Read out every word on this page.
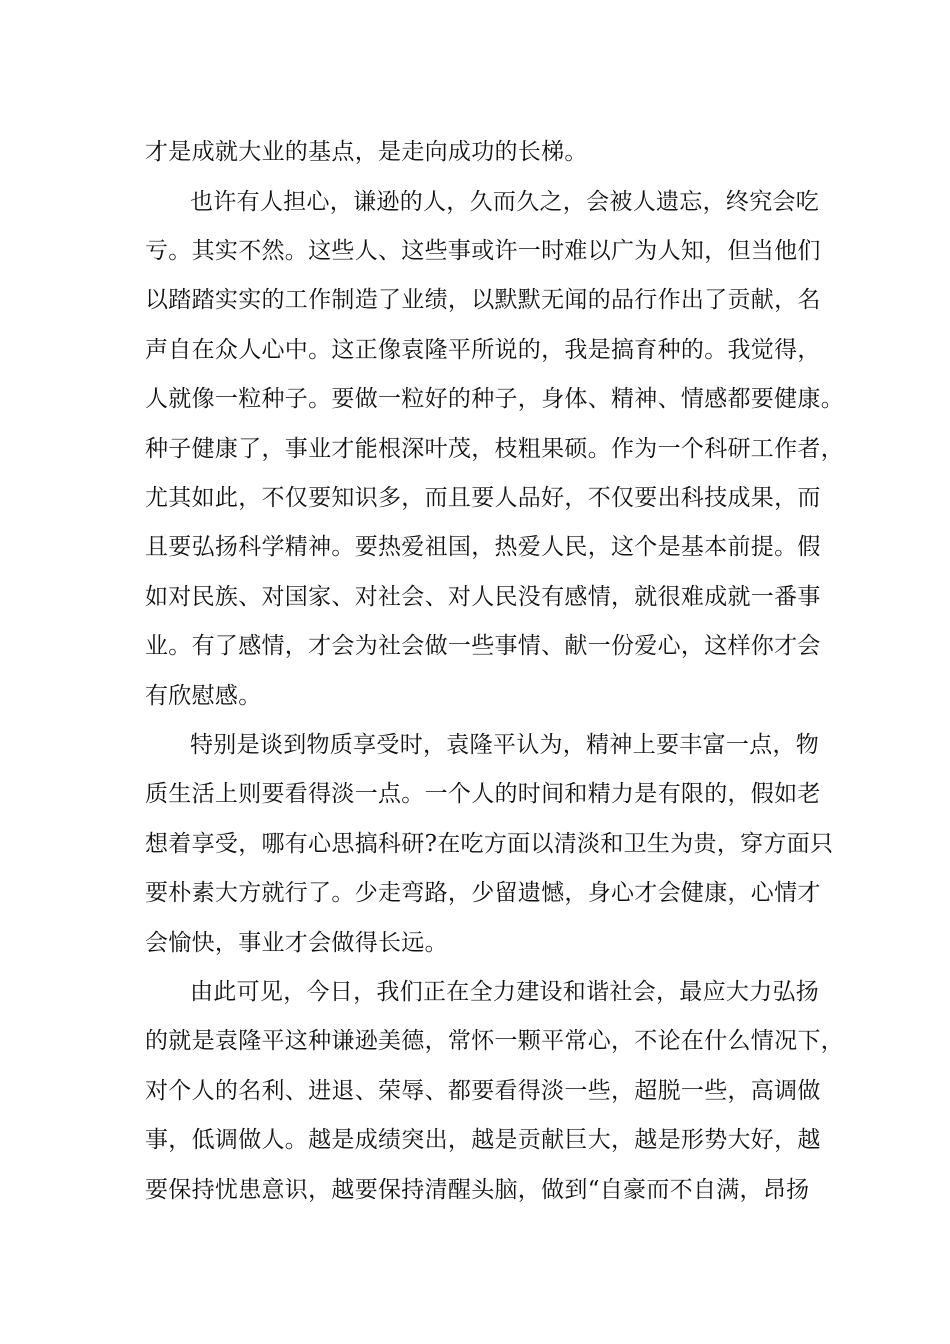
才是成就大业的基点，是走向成功的长梯。
也许有人担心，谦逊的人，久而久之，会被人遗忘，终究会吃
亏。其实不然。这些人、这些事或许一时难以广为人知，但当他们
以踏踏实实的工作制造了业绩，以默默无闻的品行作出了贡献，名
声自在众人心中。这正像袁隆平所说的，我是搞育种的。我觉得，
人就像一粒种子。要做一粒好的种子，身体、精神、情感都要健康。
种子健康了，事业才能根深叶茂，枝粗果硕。作为一个科研工作者，
尤其如此，不仅要知识多，而且要人品好，不仅要出科技成果，而
且要弘扬科学精神。要热爱祖国，热爱人民，这个是基本前提。假
如对民族、对国家、对社会、对人民没有感情，就很难成就一番事
业。有了感情，才会为社会做一些事情、献一份爱心，这样你才会
有欣慰感。
特别是谈到物质享受时，袁隆平认为，精神上要丰富一点，物
质生活上则要看得淡一点。一个人的时间和精力是有限的，假如老
想着享受，哪有心思搞科研?在吃方面以清淡和卫生为贵，穿方面只
要朴素大方就行了。少走弯路，少留遗憾，身心才会健康，心情才
会愉快，事业才会做得长远。
由此可见，今日，我们正在全力建设和谐社会，最应大力弘扬
的就是袁隆平这种谦逊美德，常怀一颗平常心，不论在什么情况下，
对个人的名利、进退、荣辱、都要看得淡一些，超脱一些，高调做
事，低调做人。越是成绩突出，越是贡献巨大，越是形势大好，越
要保持忧患意识，越要保持清醒头脑，做到“自豪而不自满，昂扬
